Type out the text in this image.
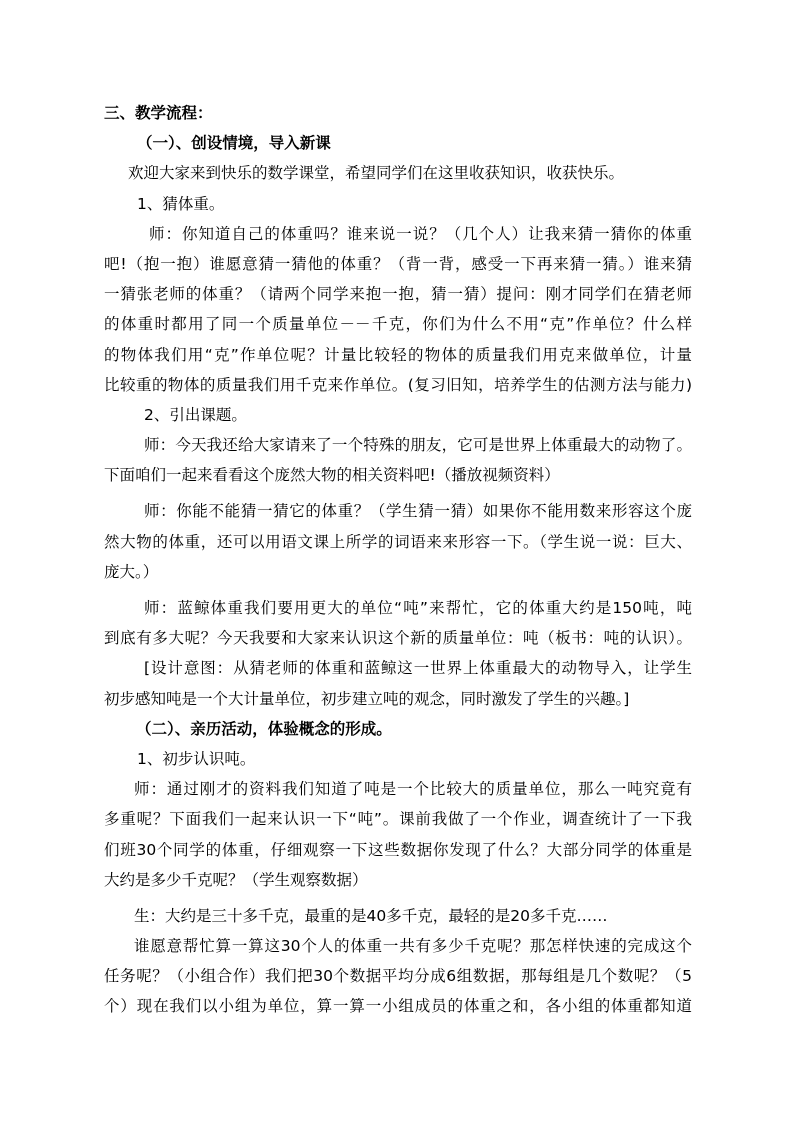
三、教学流程：
（一）、创设情境，导入新课
欢迎大家来到快乐的数学课堂，希望同学们在这里收获知识，收获快乐。
1、猜体重。
师：你知道自己的体重吗？谁来说一说？（几个人）让我来猜一猜你的体重
吧!（抱一抱）谁愿意猜一猜他的体重？（背一背，感受一下再来猜一猜。）谁来猜
一猜张老师的体重？（请两个同学来抱一抱，猜一猜）提问：刚才同学们在猜老师
的体重时都用了同一个质量单位－－千克，你们为什么不用“克”作单位？什么样
的物体我们用“克”作单位呢？计量比较轻的物体的质量我们用克来做单位，计量
比较重的物体的质量我们用千克来作单位。(复习旧知，培养学生的估测方法与能力)
2、引出课题。
师：今天我还给大家请来了一个特殊的朋友，它可是世界上体重最大的动物了。
下面咱们一起来看看这个庞然大物的相关资料吧!（播放视频资料）
师：你能不能猜一猜它的体重？（学生猜一猜）如果你不能用数来形容这个庞
然大物的体重，还可以用语文课上所学的词语来来形容一下。（学生说一说：巨大、
庞大。）
师：蓝鲸体重我们要用更大的单位“吨”来帮忙，它的体重大约是150吨，吨
到底有多大呢？今天我要和大家来认识这个新的质量单位：吨（板书：吨的认识）。
[设计意图：从猜老师的体重和蓝鲸这一世界上体重最大的动物导入，让学生
初步感知吨是一个大计量单位，初步建立吨的观念，同时激发了学生的兴趣。]
（二）、亲历活动，体验概念的形成。
1、初步认识吨。
师：通过刚才的资料我们知道了吨是一个比较大的质量单位，那么一吨究竟有
多重呢？下面我们一起来认识一下“吨”。课前我做了一个作业，调查统计了一下我
们班30个同学的体重，仔细观察一下这些数据你发现了什么？大部分同学的体重是
大约是多少千克呢？（学生观察数据）
生：大约是三十多千克，最重的是40多千克，最轻的是20多千克……
谁愿意帮忙算一算这30个人的体重一共有多少千克呢？那怎样快速的完成这个
任务呢？（小组合作）我们把30个数据平均分成6组数据，那每组是几个数呢？（5
个）现在我们以小组为单位，算一算一小组成员的体重之和，各小组的体重都知道
